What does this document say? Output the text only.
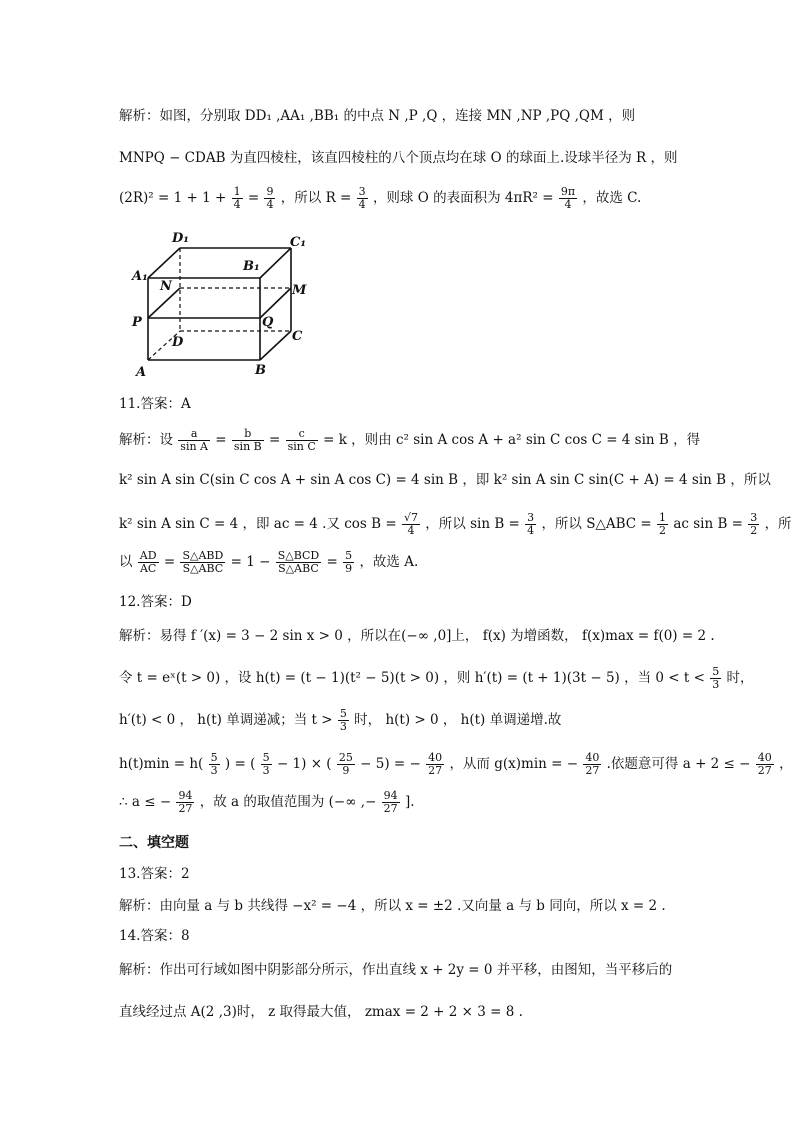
解析：如图，分别取 DD₁ ,AA₁ ,BB₁ 的中点 N ,P ,Q ，连接 MN ,NP ,PQ ,QM ，则
MNPQ − CDAB 为直四棱柱，该直四棱柱的八个顶点均在球 O 的球面上.设球半径为 R ，则
$(2R)^2 = 1 + 1 + \frac{1}{4} = \frac{9}{4}$ ，所以 $R = \frac{3}{4}$ ，则球 O 的表面积为 $4\pi R^2 = \frac{9\pi}{4}$ ，故选 C.
D₁	C₁
A₁
B₁
N	M
P	Q
D	C
A	B
11.答案：A
解析：设 $\frac{a}{\text{sin A}} = \frac{b}{\text{sin B}} = \frac{c}{\text{sin C}} = k$ ，则由 c² sin A cos A + a² sin C cos C = 4 sin B ，得
k² sin A sin C(sin C cos A + sin A cos C) = 4 sin B ，即 k² sin A sin C sin(C + A) = 4 sin B ，所以
k² sin A sin C = 4 ，即 ac = 4 .又 $\cos B = \frac{√7}{4}$ ，所以 $\sin B = \frac{3}{4}$ ，所以 S△ABC = $\frac{1}{2}$ ac $\sin B = \frac{3}{2}$ ，所
以 $\frac{AD}{AC} = \frac{\text{S△ABD}}{\text{S△ABC}} = 1 - \frac{\text{S△BCD}}{\text{S△ABC}} = \frac{5}{9}$ ，故选 A.
12.答案：D
解析：易得 f ′(x) = 3 − 2 sin x > 0 ，所以在(−∞ ,0]上， f(x) 为增函数， f(x)max = f(0) = 2 .
令 t = eˣ(t > 0) ，设 h(t) = (t − 1)(t² − 5)(t > 0) ，则 h′(t) = (t + 1)(3t − 5) ，当 $0 < t < \frac{5}{3}$ 时，
h′(t) < 0 ， h(t) 单调递减；当 $t > \frac{5}{3}$ 时， h(t) > 0 ， h(t) 单调递增.故
$h(t)\min = h( \frac{5}{3}$ ) = ( $\frac{5}{3} - 1$) × ( $\frac{25}{9} - 5$) = − $\frac{40}{27}$ ，从而 g(x)min = − $\frac{40}{27}$ .依题意可得 a + 2 ≤ − $\frac{40}{27}$ ，
∴ a ≤ − $\frac{94}{27}$ ，故 a 的取值范围为 (−∞ ,− $\frac{94}{27}$ ].
二、填空题
13.答案：2
解析：由向量 a 与 b 共线得 −x² = −4 ，所以 x = ±2 .又向量 a 与 b 同向，所以 x = 2 .
14.答案：8
解析：作出可行域如图中阴影部分所示，作出直线 x + 2y = 0 并平移，由图知，当平移后的
直线经过点 A(2 ,3)时， z 取得最大值， zmax = 2 + 2 × 3 = 8 .
